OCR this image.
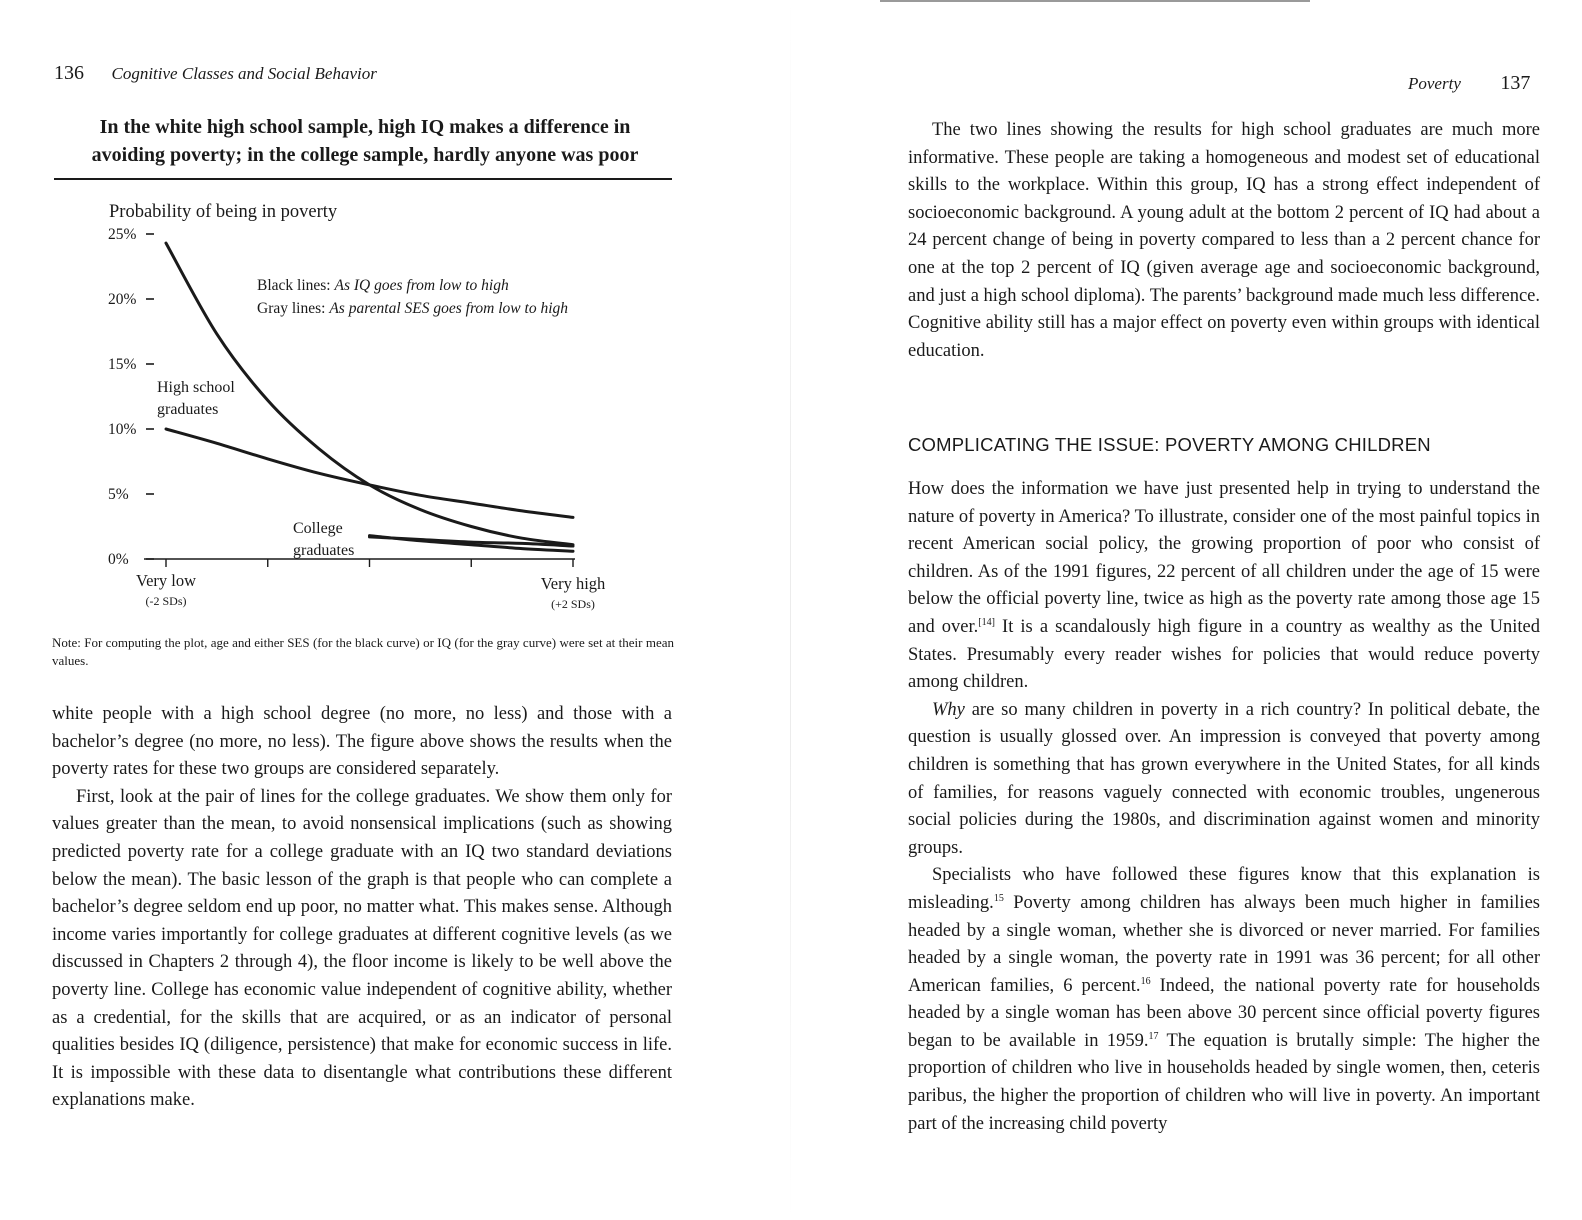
136 Cognitive Classes and Social Behavior
In the white high school sample, high IQ makes a difference in
avoiding poverty; in the college sample, hardly anyone was poor
Probability of being in poverty
0%
5%
10%
15%
20%
25%
Very low
(-2 SDs)
Very high
(+2 SDs)
Black lines: As IQ goes from low to high
Gray lines: As parental SES goes from low to high
High school
graduates
College
graduates
Note: For computing the plot, age and either SES (for the black curve) or IQ (for the gray curve) were set at their mean values.

white people with a high school degree (no more, no less) and those with a bachelor’s degree (no more, no less). The figure above shows the results when the poverty rates for these two groups are considered separately.

First, look at the pair of lines for the college graduates. We show them only for values greater than the mean, to avoid nonsensical implications (such as showing predicted poverty rate for a college graduate with an IQ two standard deviations below the mean). The basic lesson of the graph is that people who can complete a bachelor’s degree seldom end up poor, no matter what. This makes sense. Although income varies importantly for college graduates at different cognitive levels (as we discussed in Chapters 2 through 4), the floor income is likely to be well above the poverty line. College has economic value independent of cognitive ability, whether as a credential, for the skills that are acquired, or as an indicator of personal qualities besides IQ (diligence, persistence) that make for economic success in life. It is impossible with these data to disentangle what contributions these different explanations make.

Poverty 137

The two lines showing the results for high school graduates are much more informative. These people are taking a homogeneous and modest set of educational skills to the workplace. Within this group, IQ has a strong effect independent of socioeconomic background. A young adult at the bottom 2 percent of IQ had about a 24 percent change of being in poverty compared to less than a 2 percent chance for one at the top 2 percent of IQ (given average age and socioeconomic background, and just a high school diploma). The parents’ background made much less difference. Cognitive ability still has a major effect on poverty even within groups with identical education.

COMPLICATING THE ISSUE: POVERTY AMONG CHILDREN

How does the information we have just presented help in trying to understand the nature of poverty in America? To illustrate, consider one of the most painful topics in recent American social policy, the growing proportion of poor who consist of children. As of the 1991 figures, 22 percent of all children under the age of 15 were below the official poverty line, twice as high as the poverty rate among those age 15 and over.[14] It is a scandalously high figure in a country as wealthy as the United States. Presumably every reader wishes for policies that would reduce poverty among children.

Why are so many children in poverty in a rich country? In political debate, the question is usually glossed over. An impression is conveyed that poverty among children is something that has grown everywhere in the United States, for all kinds of families, for reasons vaguely connected with economic troubles, ungenerous social policies during the 1980s, and discrimination against women and minority groups.

Specialists who have followed these figures know that this explanation is misleading.$^{15}$ Poverty among children has always been much higher in families headed by a single woman, whether she is divorced or never married. For families headed by a single woman, the poverty rate in 1991 was 36 percent; for all other American families, 6 percent.$^{16}$ Indeed, the national poverty rate for households headed by a single woman has been above 30 percent since official poverty figures began to be available in 1959.17 The equation is brutally simple: The higher the proportion of children who live in households headed by single women, then, ceteris paribus, the higher the proportion of children who will live in poverty. An important part of the increasing child poverty
